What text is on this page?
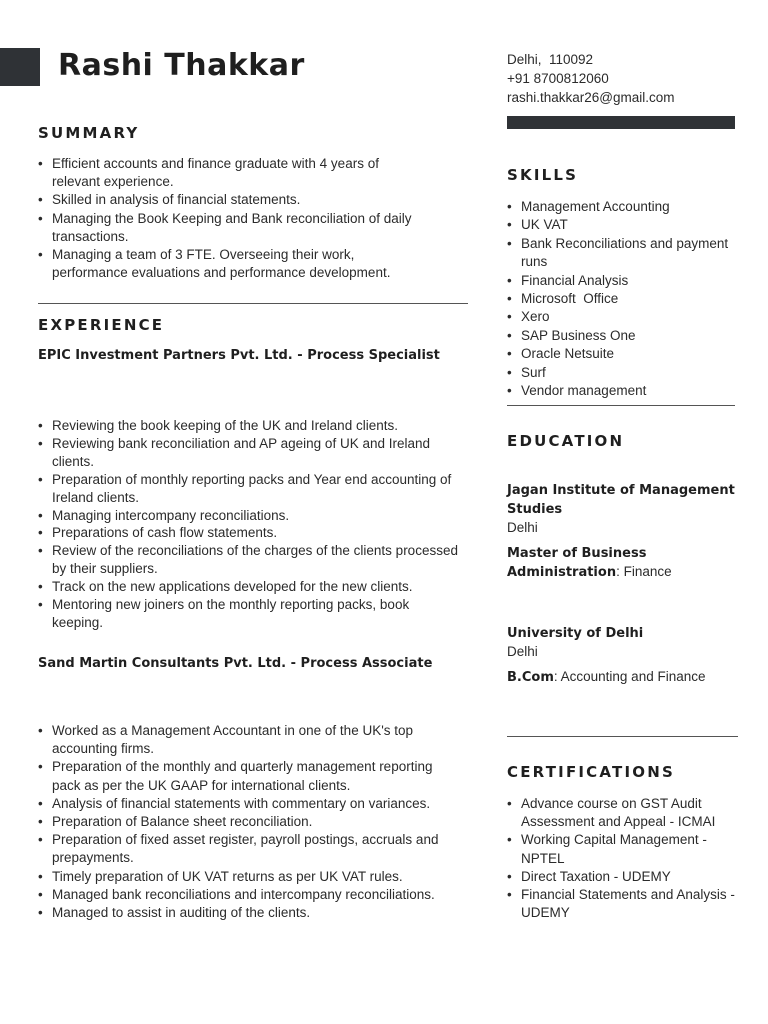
Rashi Thakkar	Delhi,  110092
+91 8700812060
rashi.thakkar26@gmail.com
SUMMARY
• Efficient accounts and finance graduate with 4 years of relevant experience.
• Skilled in analysis of financial statements.
• Managing the Book Keeping and Bank reconciliation of daily transactions.
• Managing a team of 3 FTE. Overseeing their work, performance evaluations and performance development.
EXPERIENCE
EPIC Investment Partners Pvt. Ltd. - Process Specialist
• Reviewing the book keeping of the UK and Ireland clients.
• Reviewing bank reconciliation and AP ageing of UK and Ireland clients.
• Preparation of monthly reporting packs and Year end accounting of Ireland clients.
• Managing intercompany reconciliations.
• Preparations of cash flow statements.
• Review of the reconciliations of the charges of the clients processed by their suppliers.
• Track on the new applications developed for the new clients.
• Mentoring new joiners on the monthly reporting packs, book keeping.
Sand Martin Consultants Pvt. Ltd. - Process Associate
• Worked as a Management Accountant in one of the UK's top accounting firms.
• Preparation of the monthly and quarterly management reporting pack as per the UK GAAP for international clients.
• Analysis of financial statements with commentary on variances.
• Preparation of Balance sheet reconciliation.
• Preparation of fixed asset register, payroll postings, accruals and prepayments.
• Timely preparation of UK VAT returns as per UK VAT rules.
• Managed bank reconciliations and intercompany reconciliations.
• Managed to assist in auditing of the clients.
SKILLS
• Management Accounting
• UK VAT
• Bank Reconciliations and payment runs
• Financial Analysis
• Microsoft  Office
• Xero
• SAP Business One
• Oracle Netsuite
• Surf
• Vendor management
EDUCATION
Jagan Institute of Management Studies
Delhi
Master of Business Administration: Finance
University of Delhi
Delhi
B.Com: Accounting and Finance
CERTIFICATIONS
• Advance course on GST Audit Assessment and Appeal - ICMAI
• Working Capital Management - NPTEL
• Direct Taxation - UDEMY
• Financial Statements and Analysis - UDEMY
